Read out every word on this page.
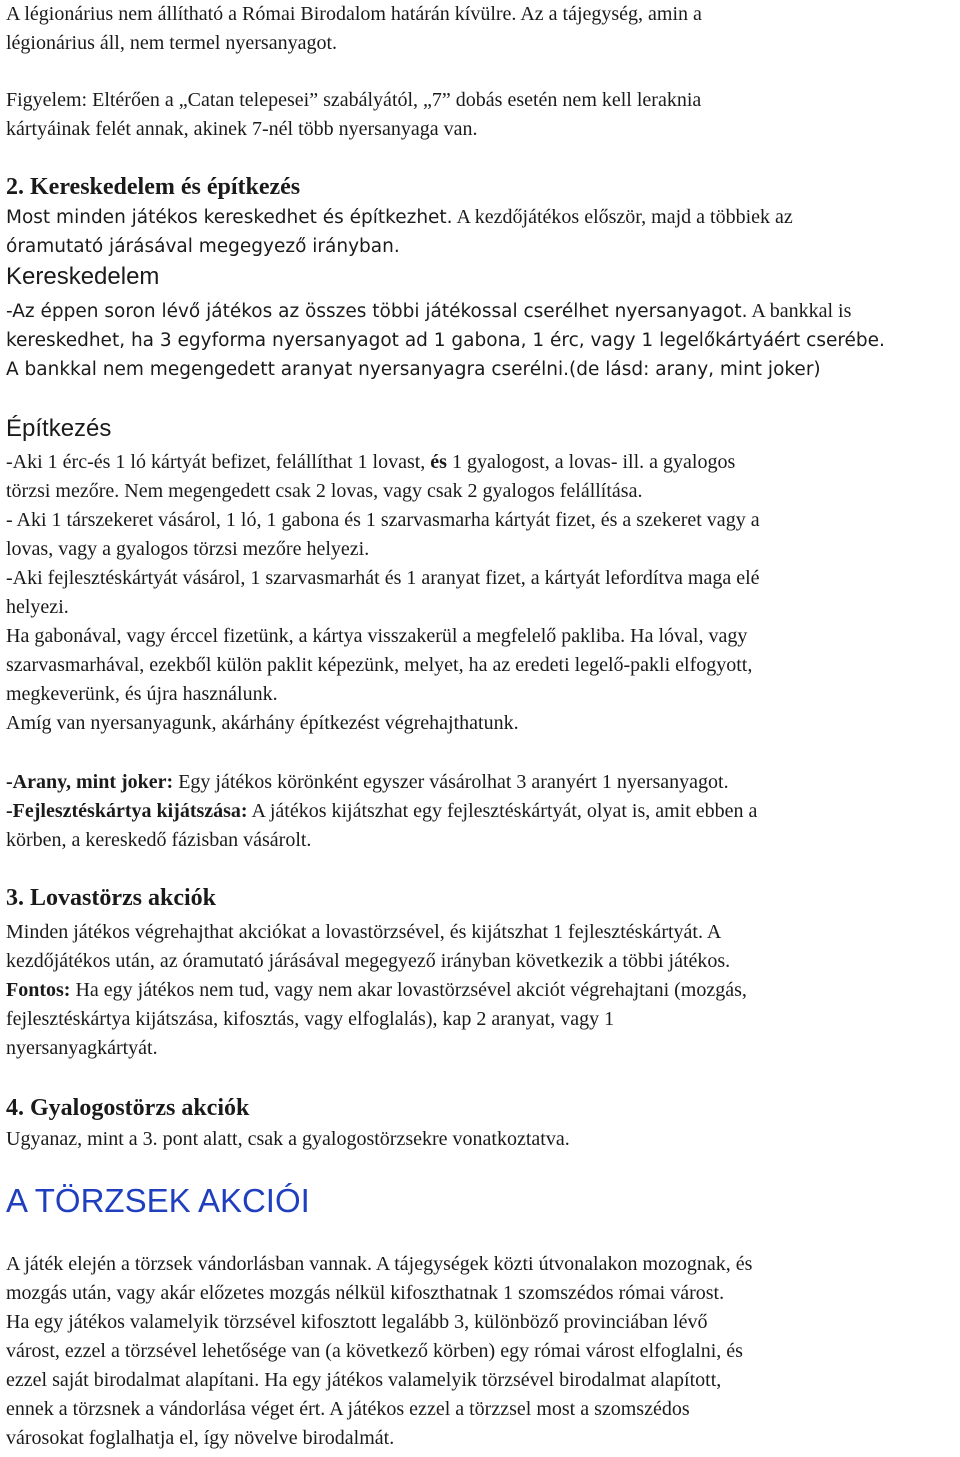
A légionárius nem állítható a Római Birodalom határán kívülre. Az a tájegység, amin a

légionárius áll, nem termel nyersanyagot.

Figyelem: Eltérően a „Catan telepesei” szabályától, „7” dobás esetén nem kell leraknia

kártyáinak felét annak, akinek 7-nél több nyersanyaga van.

2. Kereskedelem és építkezés

Most minden játékos kereskedhet és építkezhet. A kezdőjátékos először, majd a többiek az

óramutató járásával megegyező irányban.

Kereskedelem

-Az éppen soron lévő játékos az összes többi játékossal cserélhet nyersanyagot. A bankkal is

kereskedhet, ha 3 egyforma nyersanyagot ad 1 gabona, 1 érc, vagy 1 legelőkártyáért cserébe.

A bankkal nem megengedett aranyat nyersanyagra cserélni.(de lásd: arany, mint joker)

Építkezés

-Aki 1 érc-és 1 ló kártyát befizet, felállíthat 1 lovast, és 1 gyalogost, a lovas- ill. a gyalogos

törzsi mezőre. Nem megengedett csak 2 lovas, vagy csak 2 gyalogos felállítása.

- Aki 1 társzekeret vásárol, 1 ló, 1 gabona és 1 szarvasmarha kártyát fizet, és a szekeret vagy a

lovas, vagy a gyalogos törzsi mezőre helyezi.

-Aki fejlesztéskártyát vásárol, 1 szarvasmarhát és 1 aranyat fizet, a kártyát lefordítva maga elé

helyezi.

Ha gabonával, vagy érccel fizetünk, a kártya visszakerül a megfelelő pakliba. Ha lóval, vagy

szarvasmarhával, ezekből külön paklit képezünk, melyet, ha az eredeti legelő-pakli elfogyott,

megkeverünk, és újra használunk.

Amíg van nyersanyagunk, akárhány építkezést végrehajthatunk.

-Arany, mint joker: Egy játékos körönként egyszer vásárolhat 3 aranyért 1 nyersanyagot.

-Fejlesztéskártya kijátszása: A játékos kijátszhat egy fejlesztéskártyát, olyat is, amit ebben a

körben, a kereskedő fázisban vásárolt.

3. Lovastörzs akciók

Minden játékos végrehajthat akciókat a lovastörzsével, és kijátszhat 1 fejlesztéskártyát. A

kezdőjátékos után, az óramutató járásával megegyező irányban következik a többi játékos.

Fontos: Ha egy játékos nem tud, vagy nem akar lovastörzsével akciót végrehajtani (mozgás,

fejlesztéskártya kijátszása, kifosztás, vagy elfoglalás), kap 2 aranyat, vagy 1

nyersanyagkártyát.

4. Gyalogostörzs akciók

Ugyanaz, mint a 3. pont alatt, csak a gyalogostörzsekre vonatkoztatva.

A TÖRZSEK AKCIÓI

A játék elején a törzsek vándorlásban vannak. A tájegységek közti útvonalakon mozognak, és

mozgás után, vagy akár előzetes mozgás nélkül kifoszthatnak 1 szomszédos római várost.

Ha egy játékos valamelyik törzsével kifosztott legalább 3, különböző provinciában lévő

várost, ezzel a törzsével lehetősége van (a következő körben) egy római várost elfoglalni, és

ezzel saját birodalmat alapítani. Ha egy játékos valamelyik törzsével birodalmat alapított,

ennek a törzsnek a vándorlása véget ért. A játékos ezzel a törzzsel most a szomszédos

városokat foglalhatja el, így növelve birodalmát.
